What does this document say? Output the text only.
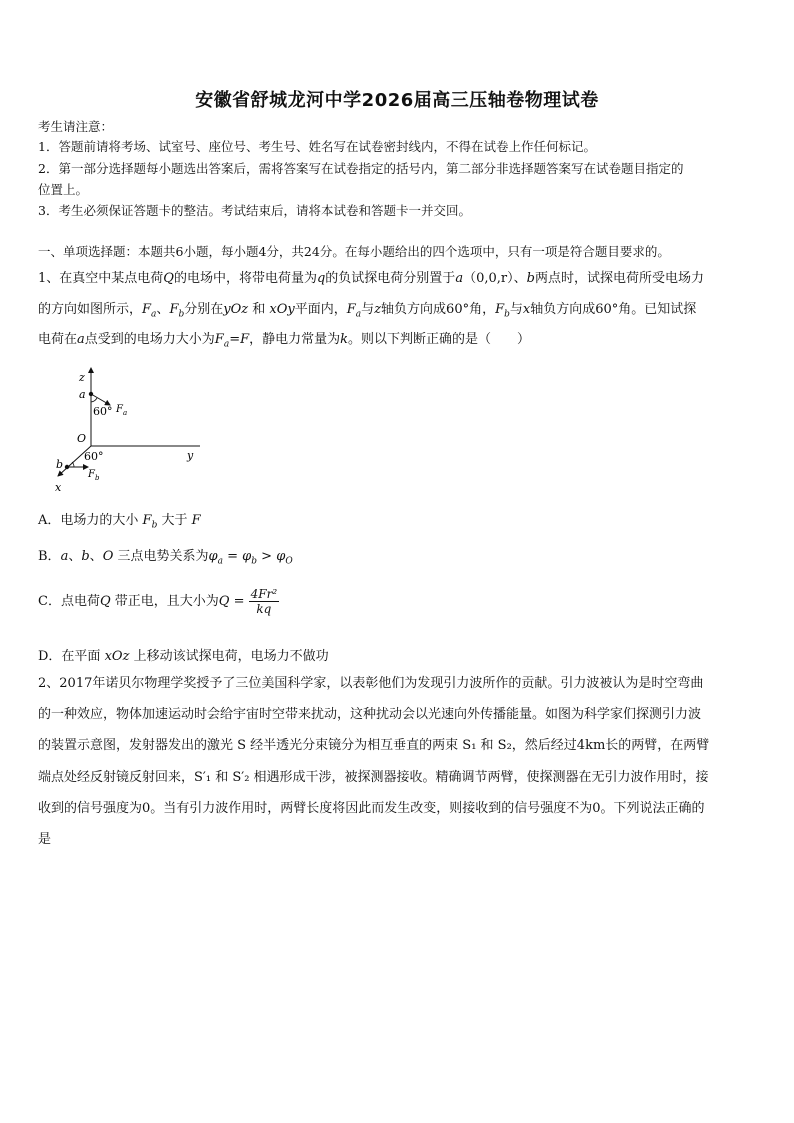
安徽省舒城龙河中学2026届高三压轴卷物理试卷
考生请注意：
1．答题前请将考场、试室号、座位号、考生号、姓名写在试卷密封线内，不得在试卷上作任何标记。
2．第一部分选择题每小题选出答案后，需将答案写在试卷指定的括号内，第二部分非选择题答案写在试卷题目指定的
位置上。
3．考生必须保证答题卡的整洁。考试结束后，请将本试卷和答题卡一并交回。
一、单项选择题：本题共6小题，每小题4分，共24分。在每小题给出的四个选项中，只有一项是符合题目要求的。
1、在真空中某点电荷Q的电场中，将带电荷量为q的负试探电荷分别置于a（0,0,r）、b两点时，试探电荷所受电场力
的方向如图所示，$F_a$、$F_b$分别在yOz 和 xOy平面内，$F_a$与z轴负方向成60°角，$F_b$与x轴负方向成60°角。已知试探
电荷在a点受到的电场力大小为$F_a=F$，静电力常量为k。则以下判断正确的是（　　）
z
a
60° $F_a$
O
60°	y
b
$F_b$
x
A．电场力的大小 $F_b$ 大于 F
B．a、b、O 三点电势关系为$\varphi_a = \varphi_b > \varphi_O$
C．点电荷Q 带正电，且大小为$Q = \frac{\text{4Fr²}}{kq}$
D．在平面 xOz 上移动该试探电荷，电场力不做功
2、2017年诺贝尔物理学奖授予了三位美国科学家，以表彰他们为发现引力波所作的贡献。引力波被认为是时空弯曲
的一种效应，物体加速运动时会给宇宙时空带来扰动，这种扰动会以光速向外传播能量。如图为科学家们探测引力波
的装置示意图，发射器发出的激光 S 经半透光分束镜分为相互垂直的两束 S₁ 和 S₂，然后经过4km长的两臂，在两臂
端点处经反射镜反射回来，S′₁ 和 S′₂ 相遇形成干涉，被探测器接收。精确调节两臂，使探测器在无引力波作用时，接
收到的信号强度为0。当有引力波作用时，两臂长度将因此而发生改变，则接收到的信号强度不为0。下列说法正确的
是
